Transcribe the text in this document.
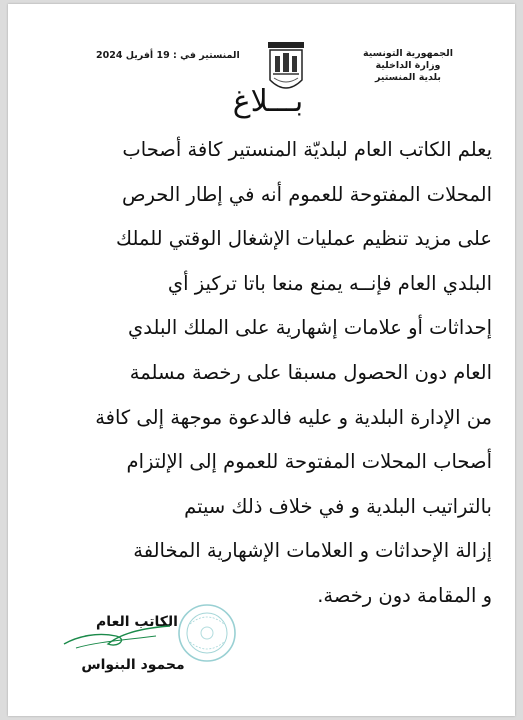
الجمهورية التونسية
وزارة الداخلية
بلدية المنستير
المنستير في : 19 أفريل 2024
بـــلاغ

يعلم الكاتب العام لبلديّة المنستير كافة أصحاب

المحلات المفتوحة للعموم أنه في إطار الحرص

على مزيد تنظيم عمليات الإشغال الوقتي للملك

البلدي العام فإنــه يمنع منعا باتا تركيز أي

إحداثات أو علامات إشهارية على الملك البلدي

العام دون الحصول مسبقا على رخصة مسلمة

من الإدارة البلدية و عليه فالدعوة موجهة إلى كافة

أصحاب المحلات المفتوحة للعموم إلى الإلتزام

بالتراتيب البلدية و في خلاف ذلك سيتم

إزالة الإحداثات و العلامات الإشهارية المخالفة

و المقامة دون رخصة.

الكاتب العام
محمود البنواس
